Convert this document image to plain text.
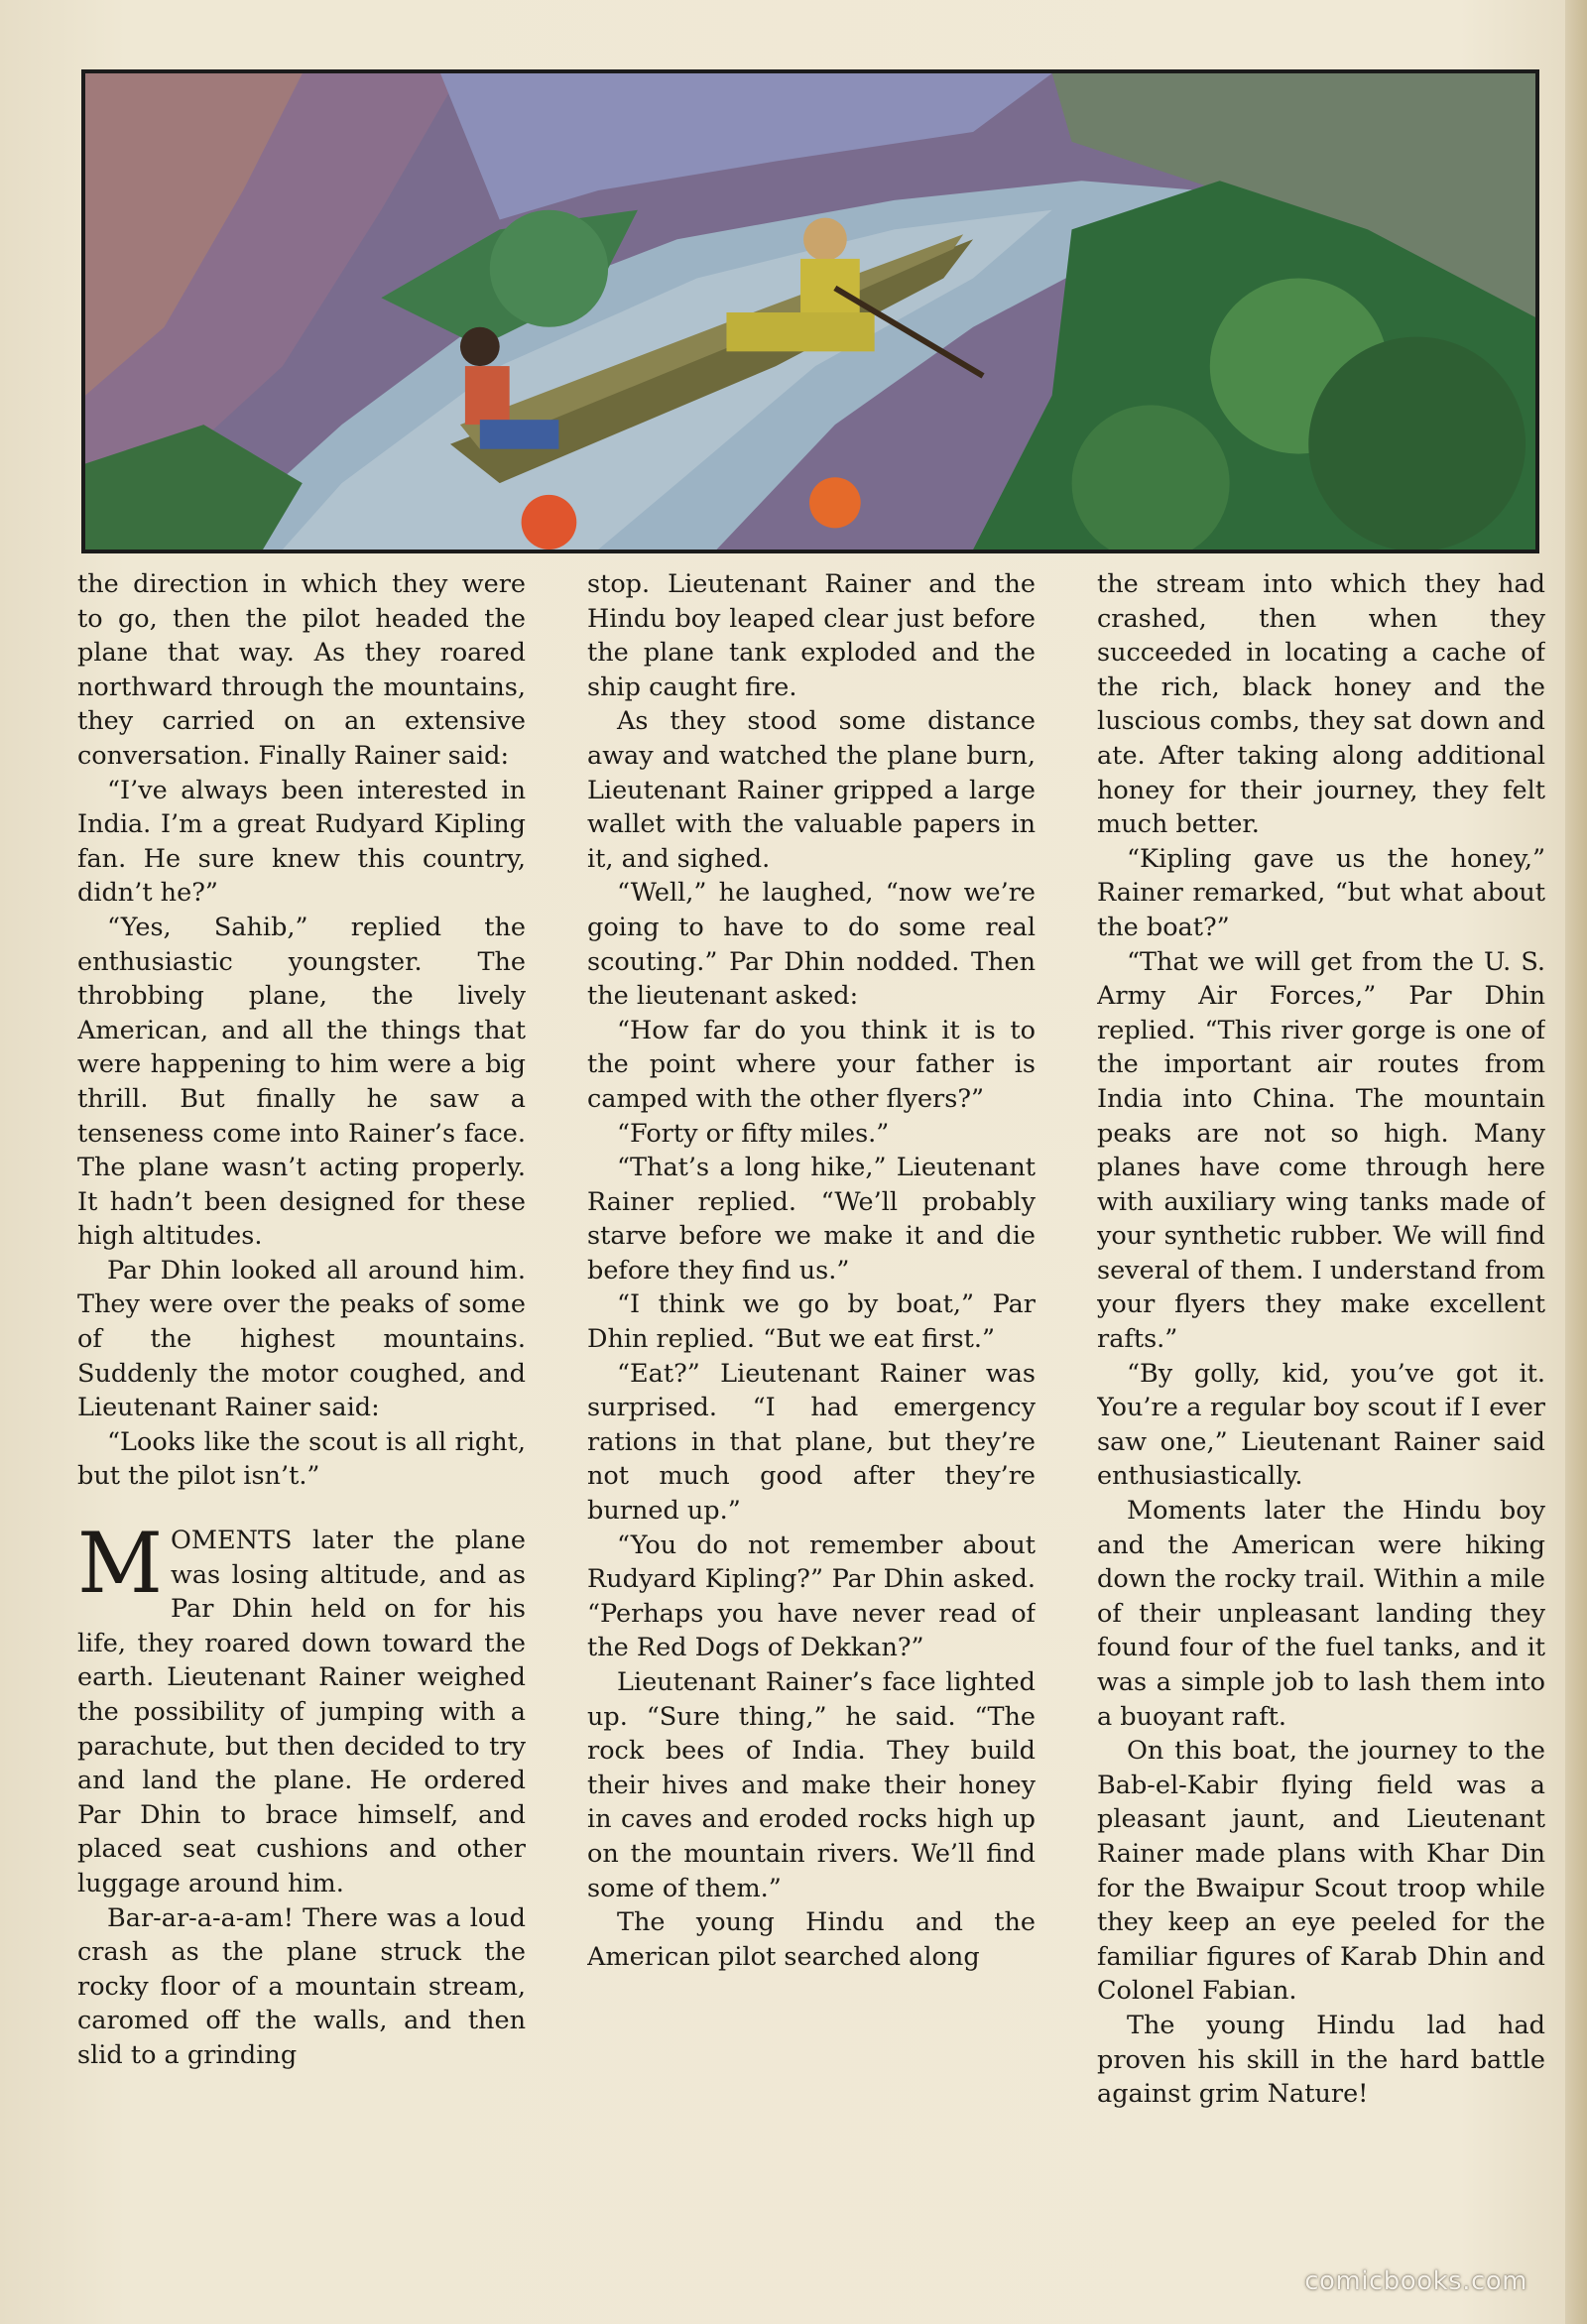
the direction in which they were to go, then the pilot headed the plane that way. As they roared northward through the mountains, they carried on an extensive conversation. Finally Rainer said:

“I’ve always been interested in India. I’m a great Rudyard Kipling fan. He sure knew this country, didn’t he?”

“Yes, Sahib,” replied the enthusiastic youngster. The throbbing plane, the lively American, and all the things that were happening to him were a big thrill. But finally he saw a tenseness come into Rainer’s face. The plane wasn’t acting properly. It hadn’t been designed for these high altitudes.

Par Dhin looked all around him. They were over the peaks of some of the highest mountains. Suddenly the motor coughed, and Lieutenant Rainer said:

“Looks like the scout is all right, but the pilot isn’t.”

M OMENTS later the plane was losing altitude, and as Par Dhin held on for his life, they roared down toward the earth. Lieutenant Rainer weighed the possibility of jumping with a parachute, but then decided to try and land the plane. He ordered Par Dhin to brace himself, and placed seat cushions and other luggage around him.

Bar-ar-a-a-am! There was a loud crash as the plane struck the rocky floor of a mountain stream, caromed off the walls, and then slid to a grinding

stop. Lieutenant Rainer and the Hindu boy leaped clear just before the plane tank exploded and the ship caught fire.

As they stood some distance away and watched the plane burn, Lieutenant Rainer gripped a large wallet with the valuable papers in it, and sighed.

“Well,” he laughed, “now we’re going to have to do some real scouting.” Par Dhin nodded. Then the lieutenant asked:

“How far do you think it is to the point where your father is camped with the other flyers?”

“Forty or fifty miles.”

“That’s a long hike,” Lieutenant Rainer replied. “We’ll probably starve before we make it and die before they find us.”

“I think we go by boat,” Par Dhin replied. “But we eat first.”

“Eat?” Lieutenant Rainer was surprised. “I had emergency rations in that plane, but they’re not much good after they’re burned up.”

“You do not remember about Rudyard Kipling?” Par Dhin asked. “Perhaps you have never read of the Red Dogs of Dekkan?”

Lieutenant Rainer’s face lighted up. “Sure thing,” he said. “The rock bees of India. They build their hives and make their honey in caves and eroded rocks high up on the mountain rivers. We’ll find some of them.”

The young Hindu and the American pilot searched along

the stream into which they had crashed, then when they succeeded in locating a cache of the rich, black honey and the luscious combs, they sat down and ate. After taking along additional honey for their journey, they felt much better.

“Kipling gave us the honey,” Rainer remarked, “but what about the boat?”

“That we will get from the U. S. Army Air Forces,” Par Dhin replied. “This river gorge is one of the important air routes from India into China. The mountain peaks are not so high. Many planes have come through here with auxiliary wing tanks made of your synthetic rubber. We will find several of them. I understand from your flyers they make excellent rafts.”

“By golly, kid, you’ve got it. You’re a regular boy scout if I ever saw one,” Lieutenant Rainer said enthusiastically.

Moments later the Hindu boy and the American were hiking down the rocky trail. Within a mile of their unpleasant landing they found four of the fuel tanks, and it was a simple job to lash them into a buoyant raft.

On this boat, the journey to the Bab-el-Kabir flying field was a pleasant jaunt, and Lieutenant Rainer made plans with Khar Din for the Bwaipur Scout troop while they keep an eye peeled for the familiar figures of Karab Dhin and Colonel Fabian.

The young Hindu lad had proven his skill in the hard battle against grim Nature!

comicbooks.com
